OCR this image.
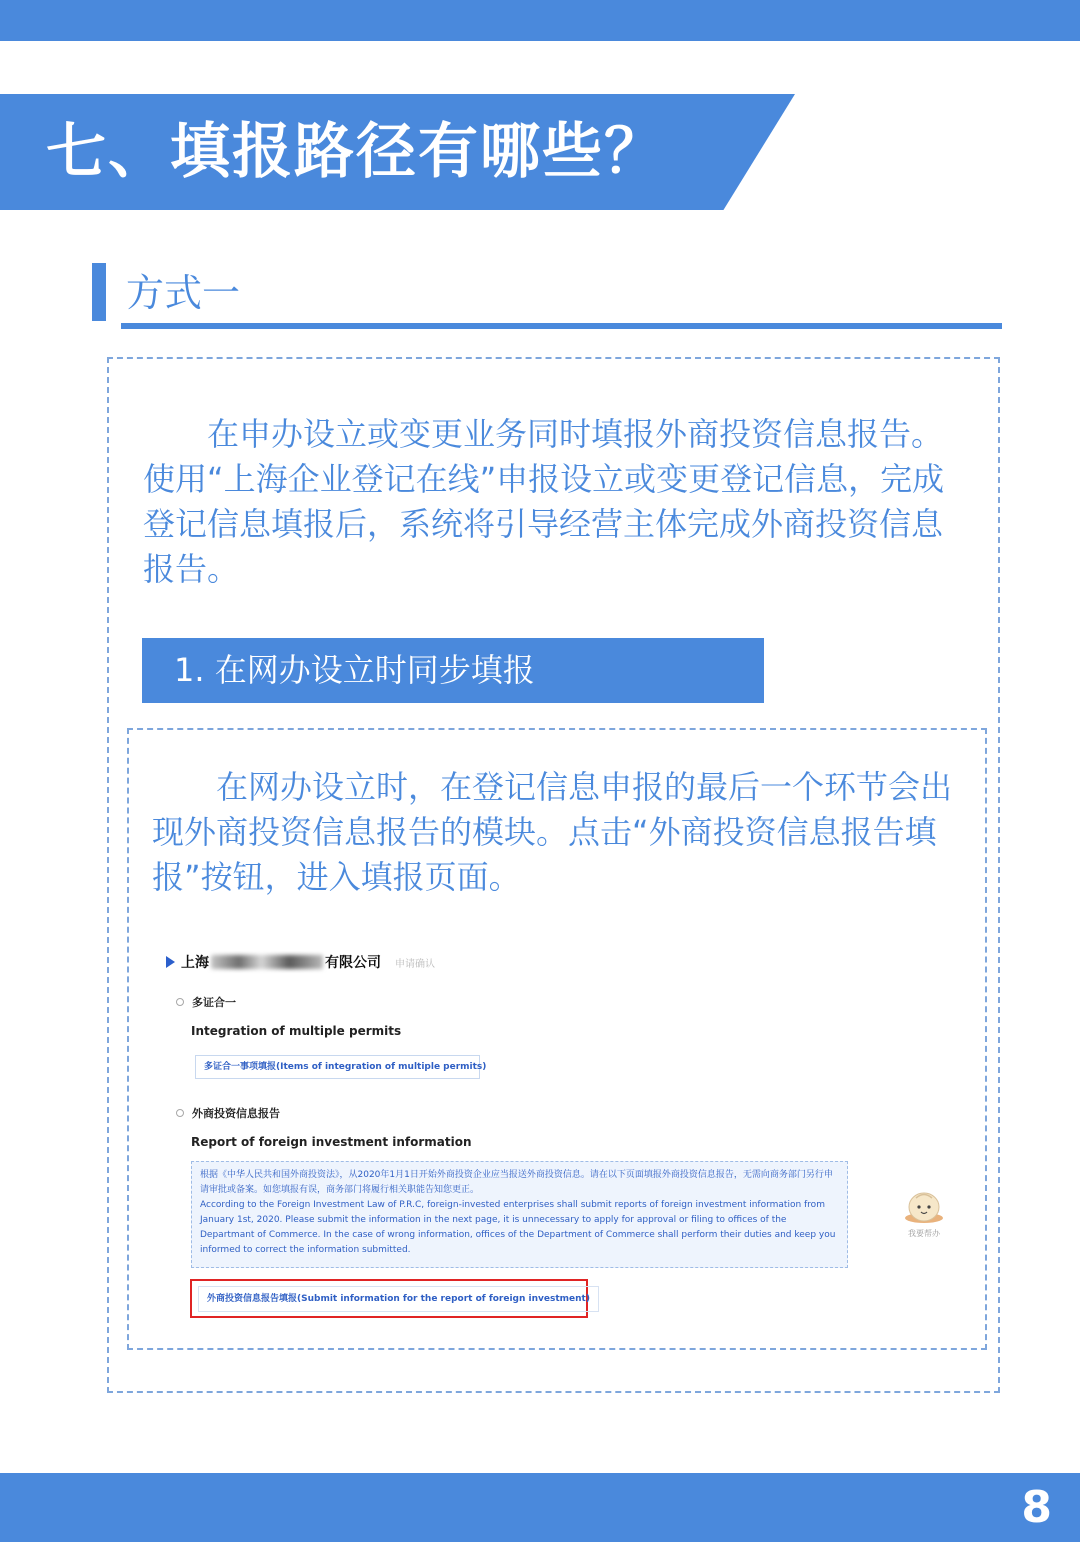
七、填报路径有哪些？
方式一

在申办设立或变更业务同时填报外商投资信息报告。使用“上海企业登记在线”申报设立或变更登记信息，完成登记信息填报后，系统将引导经营主体完成外商投资信息报告。

1. 在网办设立时同步填报

在网办设立时，在登记信息申报的最后一个环节会出现外商投资信息报告的模块。点击“外商投资信息报告填报”按钮，进入填报页面。

上海	有限公司 申请确认
多证合一
Integration of multiple permits
多证合一事项填报(Items of integration of multiple permits)
外商投资信息报告
Report of foreign investment information
根据《中华人民共和国外商投资法》，从2020年1月1日开始外商投资企业应当报送外商投资信息。请在以下页面填报外商投资信息报告，无需向商务部门另行申请审批或备案。如您填报有误，商务部门将履行相关职能告知您更正。
According to the Foreign Investment Law of P.R.C, foreign-invested enterprises shall submit reports of foreign investment information from January 1st, 2020. Please submit the information in the next page, it is unnecessary to apply for approval or filing to offices of the Departmant of Commerce. In the case of wrong information, offices of the Department of Commerce shall perform their duties and keep you informed to correct the information submitted.
外商投资信息报告填报(Submit information for the report of foreign investment)
我要帮办
8
